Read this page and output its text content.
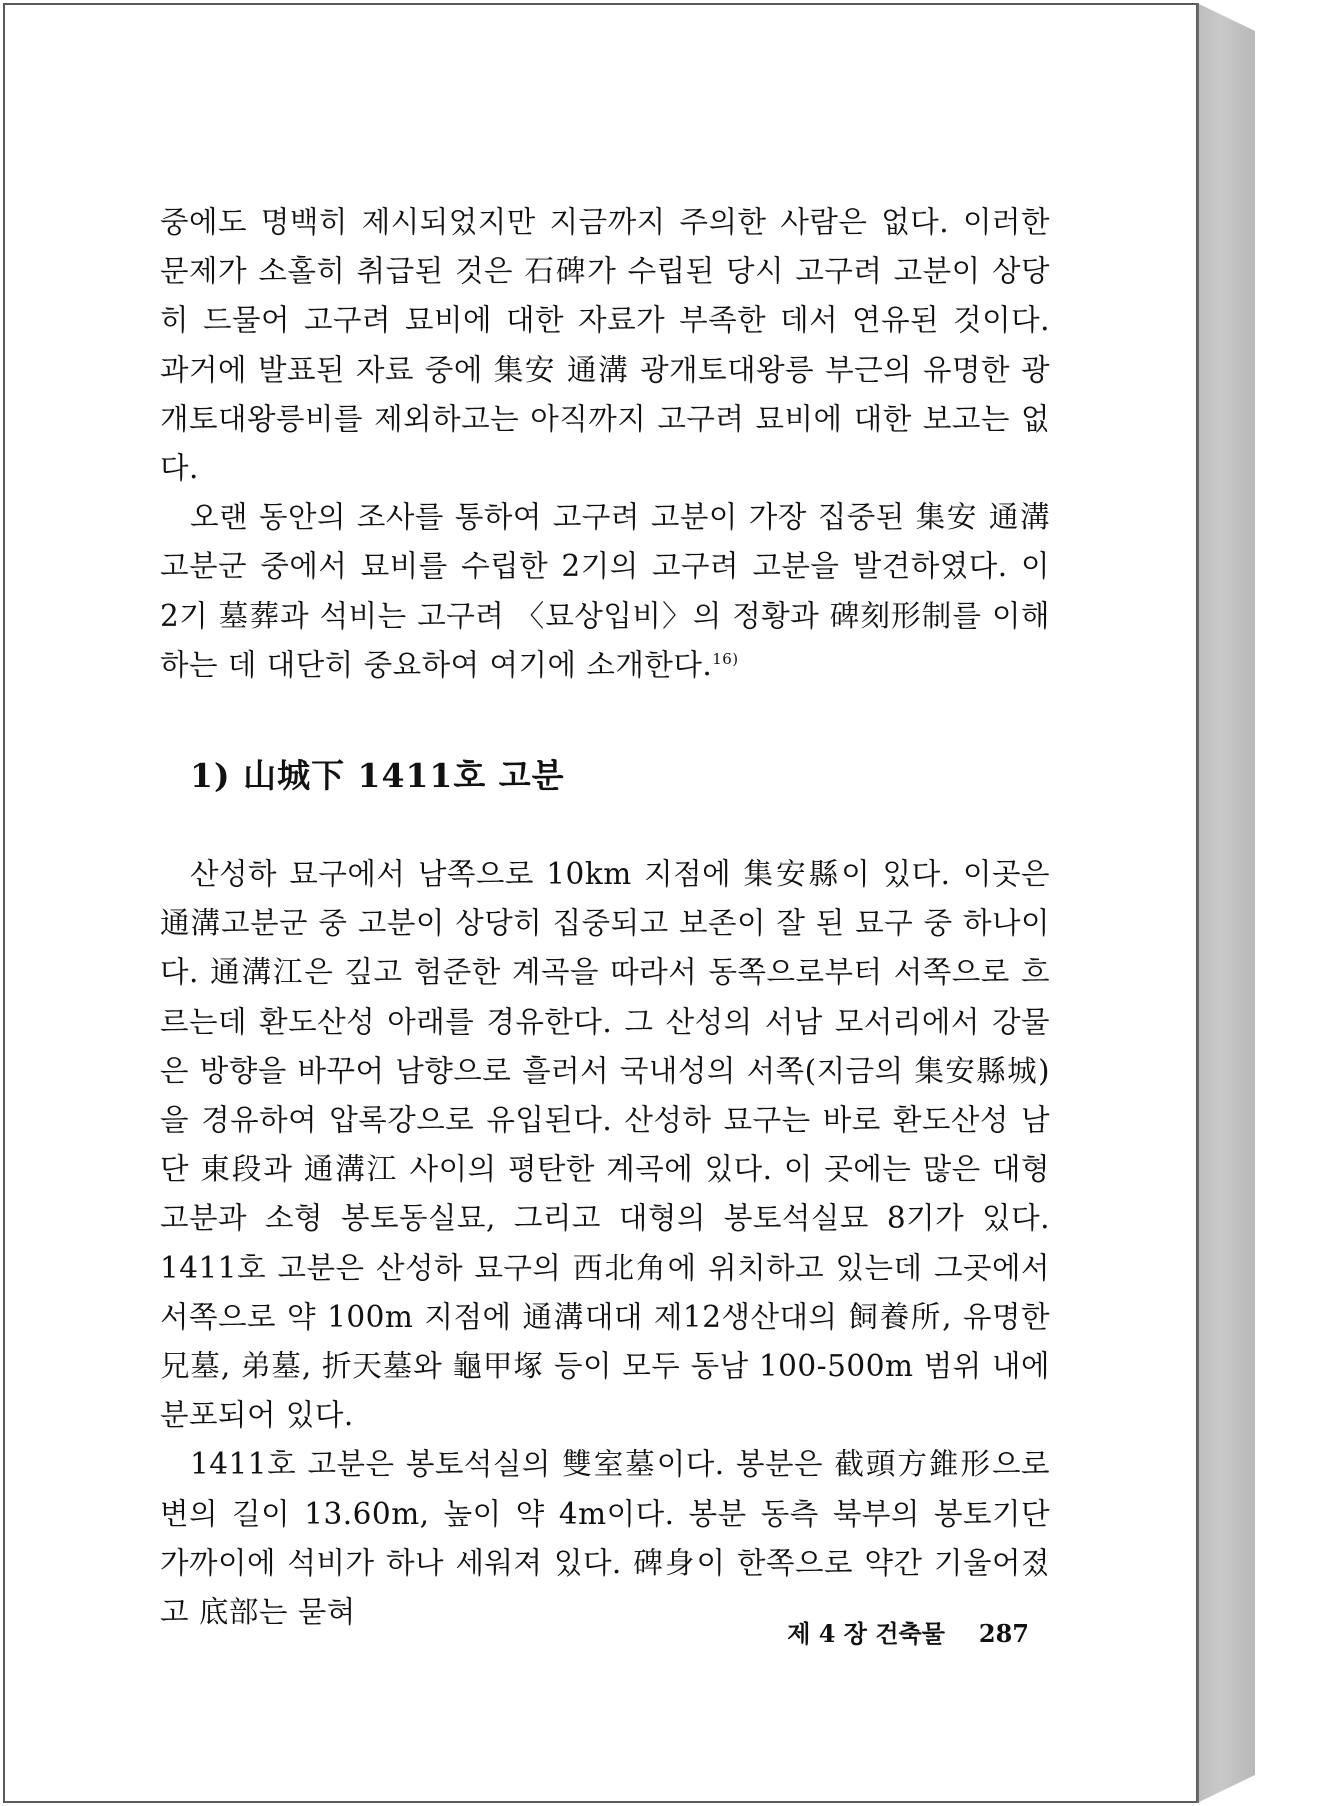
중에도 명백히 제시되었지만 지금까지 주의한 사람은 없다. 이러한 문제가 소홀히 취급된 것은 石碑가 수립된 당시 고구려 고분이 상당히 드물어 고구려 묘비에 대한 자료가 부족한 데서 연유된 것이다. 과거에 발표된 자료 중에 集安 通溝 광개토대왕릉 부근의 유명한 광개토대왕릉비를 제외하고는 아직까지 고구려 묘비에 대한 보고는 없다.

오랜 동안의 조사를 통하여 고구려 고분이 가장 집중된 集安 通溝 고분군 중에서 묘비를 수립한 2기의 고구려 고분을 발견하였다. 이 2기 墓葬과 석비는 고구려 〈묘상입비〉의 정황과 碑刻形制를 이해하는 데 대단히 중요하여 여기에 소개한다.$^{16)}$

1) 山城下 1411호 고분

산성하 묘구에서 남쪽으로 10km 지점에 集安縣이 있다. 이곳은 通溝고분군 중 고분이 상당히 집중되고 보존이 잘 된 묘구 중 하나이다. 通溝江은 깊고 험준한 계곡을 따라서 동쪽으로부터 서쪽으로 흐르는데 환도산성 아래를 경유한다. 그 산성의 서남 모서리에서 강물은 방향을 바꾸어 남향으로 흘러서 국내성의 서쪽(지금의 集安縣城)을 경유하여 압록강으로 유입된다. 산성하 묘구는 바로 환도산성 남단 東段과 通溝江 사이의 평탄한 계곡에 있다. 이 곳에는 많은 대형 고분과 소형 봉토동실묘, 그리고 대형의 봉토석실묘 8기가 있다. 1411호 고분은 산성하 묘구의 西北角에 위치하고 있는데 그곳에서 서쪽으로 약 100m 지점에 通溝대대 제12생산대의 飼養所, 유명한 兄墓, 弟墓, 折天墓와 龜甲塚 등이 모두 동남 100-500m 범위 내에 분포되어 있다.

1411호 고분은 봉토석실의 雙室墓이다. 봉분은 截頭方錐形으로 변의 길이 13.60m, 높이 약 4m이다. 봉분 동측 북부의 봉토기단 가까이에 석비가 하나 세워져 있다. 碑身이 한쪽으로 약간 기울어졌고 底部는 묻혀

제 4 장 건축물 287
